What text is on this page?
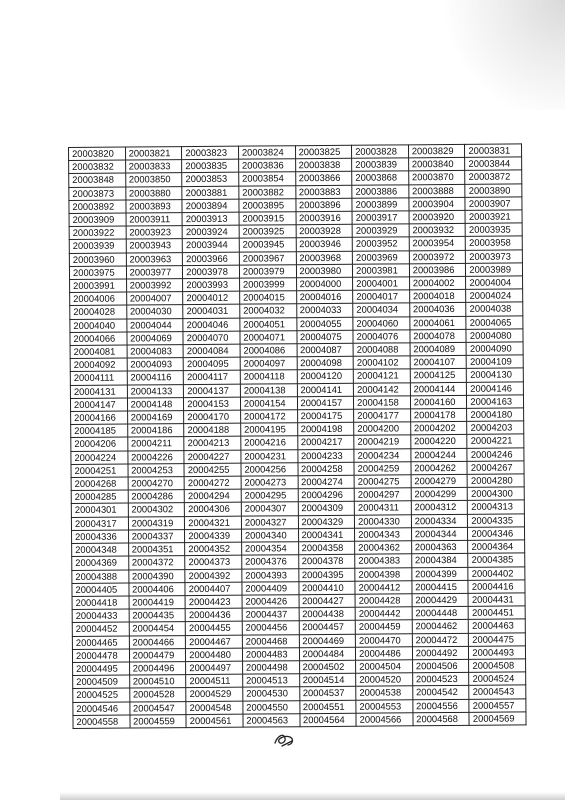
20003820	20003821	20003823	20003824	20003825	20003828	20003829	20003831
20003832	20003833	20003835	20003836	20003838	20003839	20003840	20003844
20003848	20003850	20003853	20003854	20003866	20003868	20003870	20003872
20003873	20003880	20003881	20003882	20003883	20003886	20003888	20003890
20003892	20003893	20003894	20003895	20003896	20003899	20003904	20003907
20003909	20003911	20003913	20003915	20003916	20003917	20003920	20003921
20003922	20003923	20003924	20003925	20003928	20003929	20003932	20003935
20003939	20003943	20003944	20003945	20003946	20003952	20003954	20003958
20003960	20003963	20003966	20003967	20003968	20003969	20003972	20003973
20003975	20003977	20003978	20003979	20003980	20003981	20003986	20003989
20003991	20003992	20003993	20003999	20004000	20004001	20004002	20004004
20004006	20004007	20004012	20004015	20004016	20004017	20004018	20004024
20004028	20004030	20004031	20004032	20004033	20004034	20004036	20004038
20004040	20004044	20004046	20004051	20004055	20004060	20004061	20004065
20004066	20004069	20004070	20004071	20004075	20004076	20004078	20004080
20004081	20004083	20004084	20004086	20004087	20004088	20004089	20004090
20004092	20004093	20004095	20004097	20004098	20004102	20004107	20004109
20004111	20004116	20004117	20004118	20004120	20004121	20004125	20004130
20004131	20004133	20004137	20004138	20004141	20004142	20004144	20004146
20004147	20004148	20004153	20004154	20004157	20004158	20004160	20004163
20004166	20004169	20004170	20004172	20004175	20004177	20004178	20004180
20004185	20004186	20004188	20004195	20004198	20004200	20004202	20004203
20004206	20004211	20004213	20004216	20004217	20004219	20004220	20004221
20004224	20004226	20004227	20004231	20004233	20004234	20004244	20004246
20004251	20004253	20004255	20004256	20004258	20004259	20004262	20004267
20004268	20004270	20004272	20004273	20004274	20004275	20004279	20004280
20004285	20004286	20004294	20004295	20004296	20004297	20004299	20004300
20004301	20004302	20004306	20004307	20004309	20004311	20004312	20004313
20004317	20004319	20004321	20004327	20004329	20004330	20004334	20004335
20004336	20004337	20004339	20004340	20004341	20004343	20004344	20004346
20004348	20004351	20004352	20004354	20004358	20004362	20004363	20004364
20004369	20004372	20004373	20004376	20004378	20004383	20004384	20004385
20004388	20004390	20004392	20004393	20004395	20004398	20004399	20004402
20004405	20004406	20004407	20004409	20004410	20004412	20004415	20004416
20004418	20004419	20004423	20004426	20004427	20004428	20004429	20004431
20004433	20004435	20004436	20004437	20004438	20004442	20004448	20004451
20004452	20004454	20004455	20004456	20004457	20004459	20004462	20004463
20004465	20004466	20004467	20004468	20004469	20004470	20004472	20004475
20004478	20004479	20004480	20004483	20004484	20004486	20004492	20004493
20004495	20004496	20004497	20004498	20004502	20004504	20004506	20004508
20004509	20004510	20004511	20004513	20004514	20004520	20004523	20004524
20004525	20004528	20004529	20004530	20004537	20004538	20004542	20004543
20004546	20004547	20004548	20004550	20004551	20004553	20004556	20004557
20004558	20004559	20004561	20004563	20004564	20004566	20004568	20004569
